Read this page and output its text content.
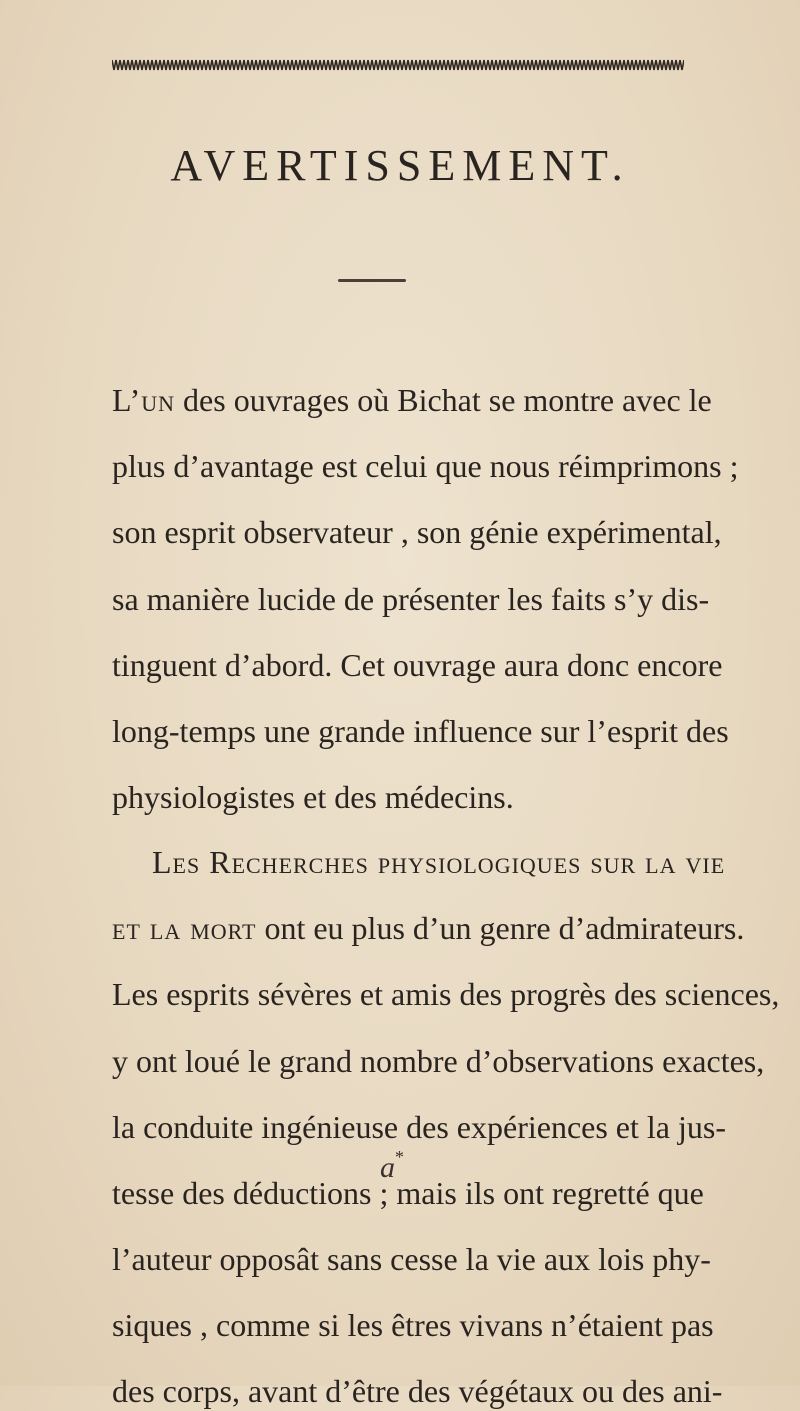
AVERTISSEMENT.
L’un des ouvrages où Bichat se montre avec le
plus d’avantage est celui que nous réimprimons ;
son esprit observateur , son génie expérimental,
sa manière lucide de présenter les faits s’y dis-
tinguent d’abord. Cet ouvrage aura donc encore
long-temps une grande influence sur l’esprit des
physiologistes et des médecins.
Les Recherches physiologiques sur la vie
et la mort ont eu plus d’un genre d’admirateurs.
Les esprits sévères et amis des progrès des sciences,
y ont loué le grand nombre d’observations exactes,
la conduite ingénieuse des expériences et la jus-
tesse des déductions ; mais ils ont regretté que
l’auteur opposât sans cesse la vie aux lois phy-
siques , comme si les êtres vivans n’étaient pas
des corps, avant d’être des végétaux ou des ani-
a*
